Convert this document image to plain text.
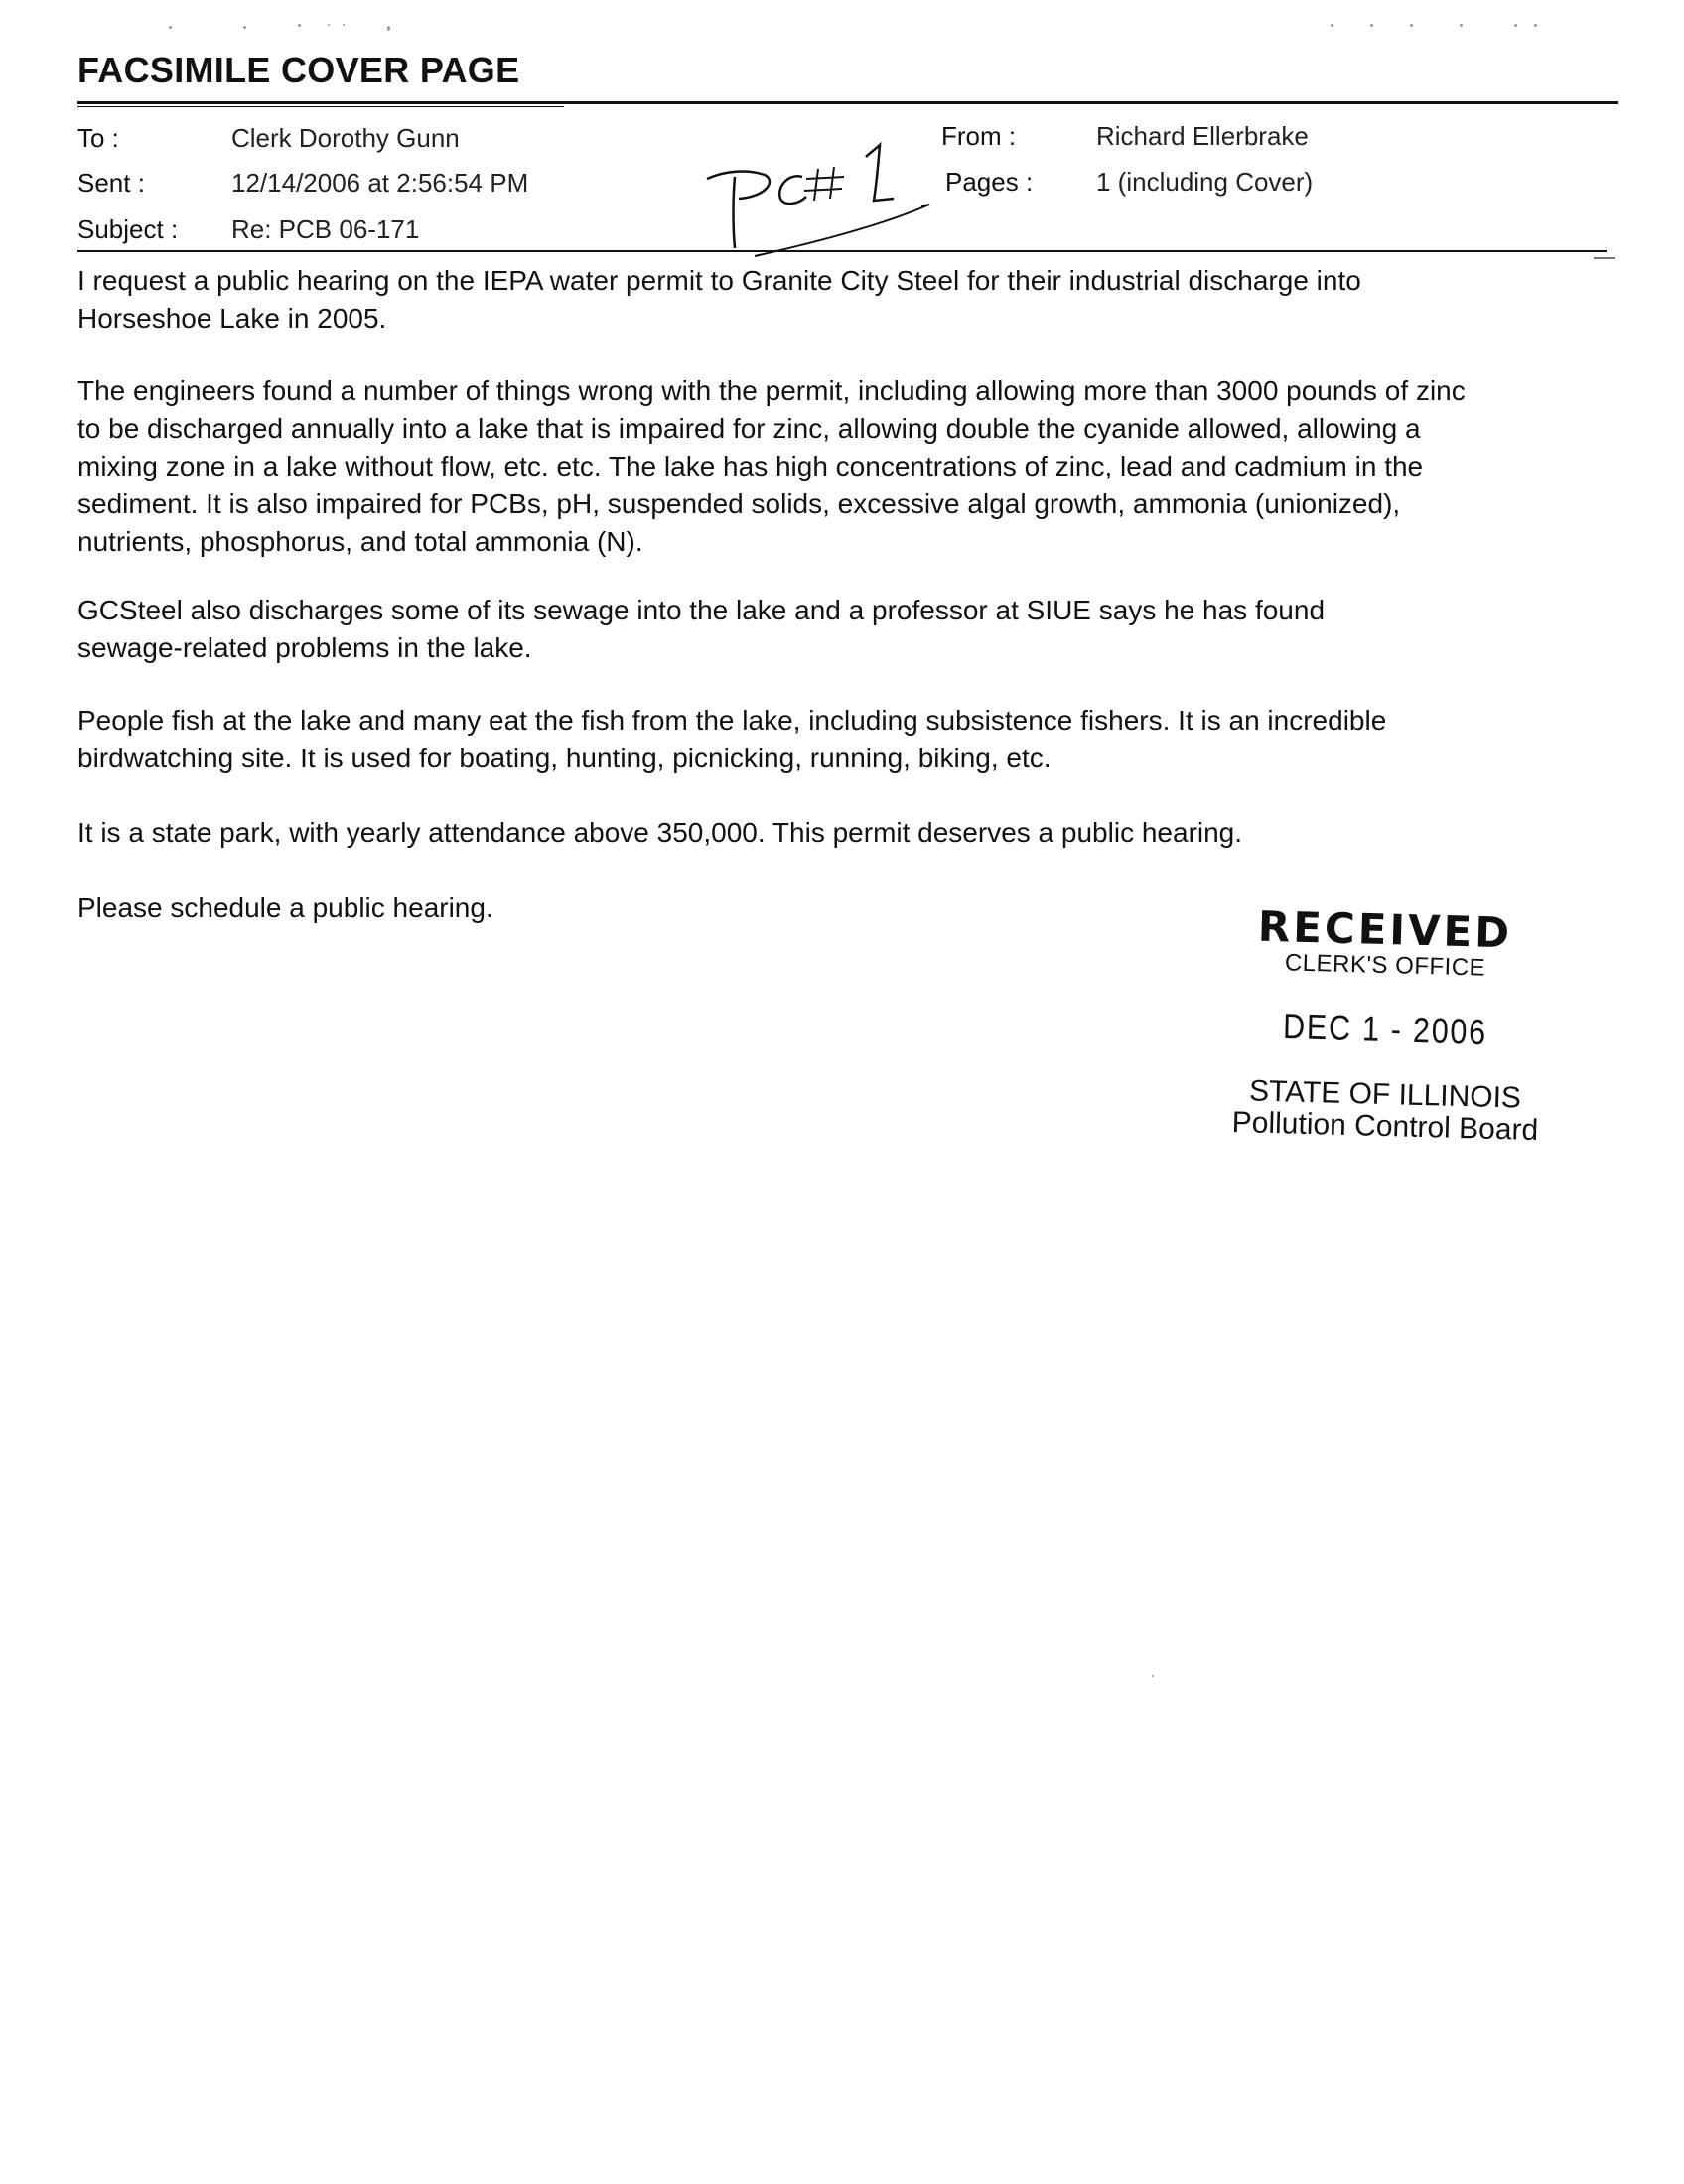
FACSIMILE COVER PAGE
To :	Clerk Dorothy Gunn
Sent :	12/14/2006 at 2:56:54 PM
Subject : Re: PCB 06-171
From :	Richard Ellerbrake
Pages : 1 (including Cover)
I request a public hearing on the IEPA water permit to Granite City Steel for their industrial discharge into
Horseshoe Lake in 2005.
The engineers found a number of things wrong with the permit, including allowing more than 3000 pounds of zinc
to be discharged annually into a lake that is impaired for zinc, allowing double the cyanide allowed, allowing a
mixing zone in a lake without flow, etc. etc. The lake has high concentrations of zinc, lead and cadmium in the
sediment. It is also impaired for PCBs, pH, suspended solids, excessive algal growth, ammonia (unionized),
nutrients, phosphorus, and total ammonia (N).
GCSteel also discharges some of its sewage into the lake and a professor at SIUE says he has found
sewage-related problems in the lake.
People fish at the lake and many eat the fish from the lake, including subsistence fishers. It is an incredible
birdwatching site. It is used for boating, hunting, picnicking, running, biking, etc.
It is a state park, with yearly attendance above 350,000. This permit deserves a public hearing.
Please schedule a public hearing.	RECEIVED
CLERK'S OFFICE
DEC 1 - 2006
STATE OF ILLINOIS
Pollution Control Board
